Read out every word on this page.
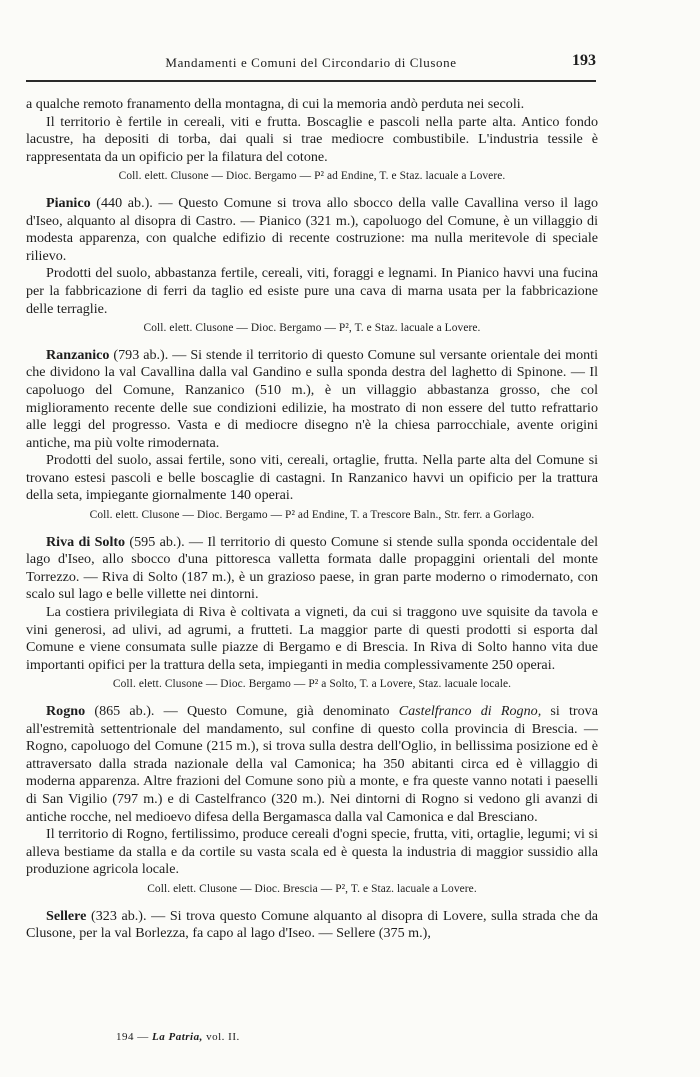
Mandamenti e Comuni del Circondario di Clusone	193

a qualche remoto franamento della montagna, di cui la memoria andò perduta nei secoli.

Il territorio è fertile in cereali, viti e frutta. Boscaglie e pascoli nella parte alta. Antico fondo lacustre, ha depositi di torba, dai quali si trae mediocre combustibile. L'industria tessile è rappresentata da un opificio per la filatura del cotone.

Coll. elett. Clusone — Dioc. Bergamo — P² ad Endine, T. e Staz. lacuale a Lovere.

Pianico (440 ab.). — Questo Comune si trova allo sbocco della valle Cavallina verso il lago d'Iseo, alquanto al disopra di Castro. — Pianico (321 m.), capoluogo del Comune, è un villaggio di modesta apparenza, con qualche edifizio di recente costruzione: ma nulla meritevole di speciale rilievo.

Prodotti del suolo, abbastanza fertile, cereali, viti, foraggi e legnami. In Pianico havvi una fucina per la fabbricazione di ferri da taglio ed esiste pure una cava di marna usata per la fabbricazione delle terraglie.

Coll. elett. Clusone — Dioc. Bergamo — P², T. e Staz. lacuale a Lovere.

Ranzanico (793 ab.). — Si stende il territorio di questo Comune sul versante orientale dei monti che dividono la val Cavallina dalla val Gandino e sulla sponda destra del laghetto di Spinone. — Il capoluogo del Comune, Ranzanico (510 m.), è un villaggio abbastanza grosso, che col miglioramento recente delle sue condizioni edilizie, ha mostrato di non essere del tutto refrattario alle leggi del progresso. Vasta e di mediocre disegno n'è la chiesa parrocchiale, avente origini antiche, ma più volte rimodernata.

Prodotti del suolo, assai fertile, sono viti, cereali, ortaglie, frutta. Nella parte alta del Comune si trovano estesi pascoli e belle boscaglie di castagni. In Ranzanico havvi un opificio per la trattura della seta, impiegante giornalmente 140 operai.

Coll. elett. Clusone — Dioc. Bergamo — P² ad Endine, T. a Trescore Baln., Str. ferr. a Gorlago.

Riva di Solto (595 ab.). — Il territorio di questo Comune si stende sulla sponda occidentale del lago d'Iseo, allo sbocco d'una pittoresca valletta formata dalle propaggini orientali del monte Torrezzo. — Riva di Solto (187 m.), è un grazioso paese, in gran parte moderno o rimodernato, con scalo sul lago e belle villette nei dintorni.

La costiera privilegiata di Riva è coltivata a vigneti, da cui si traggono uve squisite da tavola e vini generosi, ad ulivi, ad agrumi, a frutteti. La maggior parte di questi prodotti si esporta dal Comune e viene consumata sulle piazze di Bergamo e di Brescia. In Riva di Solto hanno vita due importanti opifici per la trattura della seta, impieganti in media complessivamente 250 operai.

Coll. elett. Clusone — Dioc. Bergamo — P² a Solto, T. a Lovere, Staz. lacuale locale.

Rogno (865 ab.). — Questo Comune, già denominato Castelfranco di Rogno, si trova all'estremità settentrionale del mandamento, sul confine di questo colla provincia di Brescia. — Rogno, capoluogo del Comune (215 m.), si trova sulla destra dell'Oglio, in bellissima posizione ed è attraversato dalla strada nazionale della val Camonica; ha 350 abitanti circa ed è villaggio di moderna apparenza. Altre frazioni del Comune sono più a monte, e fra queste vanno notati i paeselli di San Vigilio (797 m.) e di Castelfranco (320 m.). Nei dintorni di Rogno si vedono gli avanzi di antiche rocche, nel medioevo difesa della Bergamasca dalla val Camonica e dal Bresciano.

Il territorio di Rogno, fertilissimo, produce cereali d'ogni specie, frutta, viti, ortaglie, legumi; vi si alleva bestiame da stalla e da cortile su vasta scala ed è questa la industria di maggior sussidio alla produzione agricola locale.

Coll. elett. Clusone — Dioc. Brescia — P², T. e Staz. lacuale a Lovere.

Sellere (323 ab.). — Si trova questo Comune alquanto al disopra di Lovere, sulla strada che da Clusone, per la val Borlezza, fa capo al lago d'Iseo. — Sellere (375 m.),

194 — La Patria, vol. II.
